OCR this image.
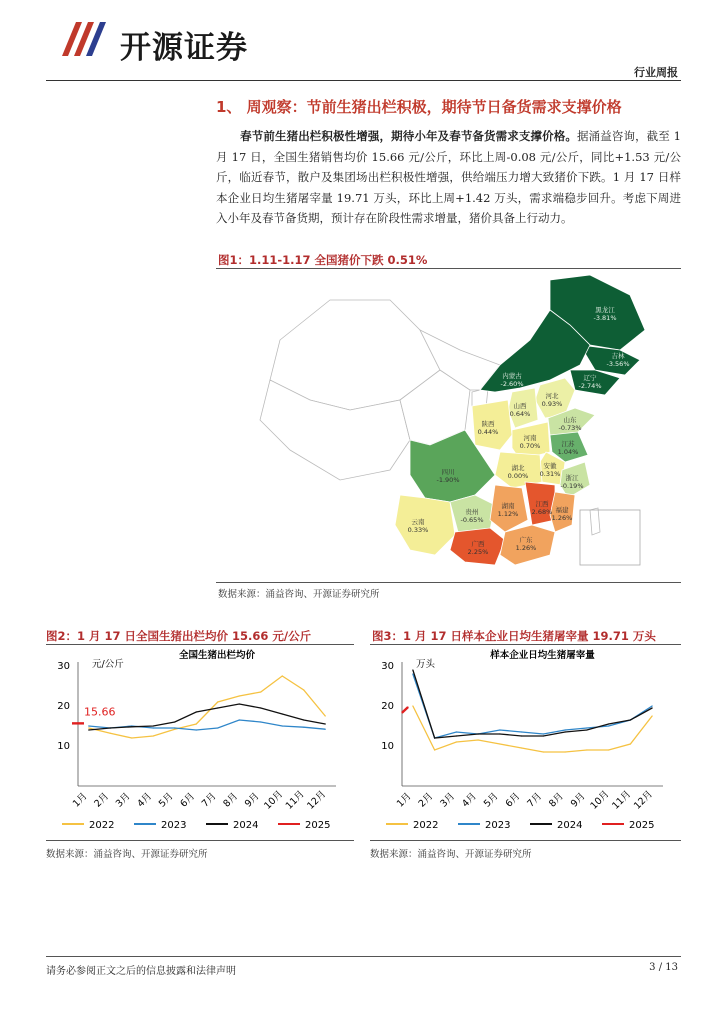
开源证券
行业周报
1、 周观察：节前生猪出栏积极，期待节日备货需求支撑价格
春节前生猪出栏积极性增强，期待小年及春节备货需求支撑价格。据涌益咨询，截至 1 月 17 日，全国生猪销售均价 15.66 元/公斤，环比上周-0.08 元/公斤，同比+1.53 元/公斤，临近春节，散户及集团场出栏积极性增强，供给端压力增大致猪价下跌。1 月 17 日样本企业日均生猪屠宰量 19.71 万头，环比上周+1.42 万头，需求端稳步回升。考虑下周进入小年及春节备货期，预计存在阶段性需求增量，猪价具备上行动力。
图1：1.11-1.17 全国猪价下跌 0.51%
黑龙江
-3.81%
吉林
-3.56%
辽宁
-2.74%
内蒙古
-2.60%
河北
0.93%
山西
0.64%
山东
-0.73%
陕西
0.44%
河南
0.70%	江苏
1.04%
安徽
0.31%
湖北
0.00%
四川
-1.90%	浙江
-0.19%
贵州
-0.65%
湖南
1.12%
江西
2.68% 福建
1.26%
云南
0.33%
广西
2.25%
广东
1.26%
数据来源：涌益咨询、开源证券研究所
图2：1 月 17 日全国生猪出栏均价 15.66 元/公斤
全国生猪出栏均价
元/公斤
30
20
10
1月 2月 3月 4月 5月 6月 7月 8月 9月 10月
11月
12月
15.66
2022	2023	2024	2025
数据来源：涌益咨询、开源证券研究所
图3：1 月 17 日样本企业日均生猪屠宰量 19.71 万头
样本企业日均生猪屠宰量
万头
30
20
10
1月 2月 3月 4月 5月 6月 7月 8月 9月 10月
11月
12月
2022	2023	2024	2025
数据来源：涌益咨询、开源证券研究所
请务必参阅正文之后的信息披露和法律声明	3 / 13
